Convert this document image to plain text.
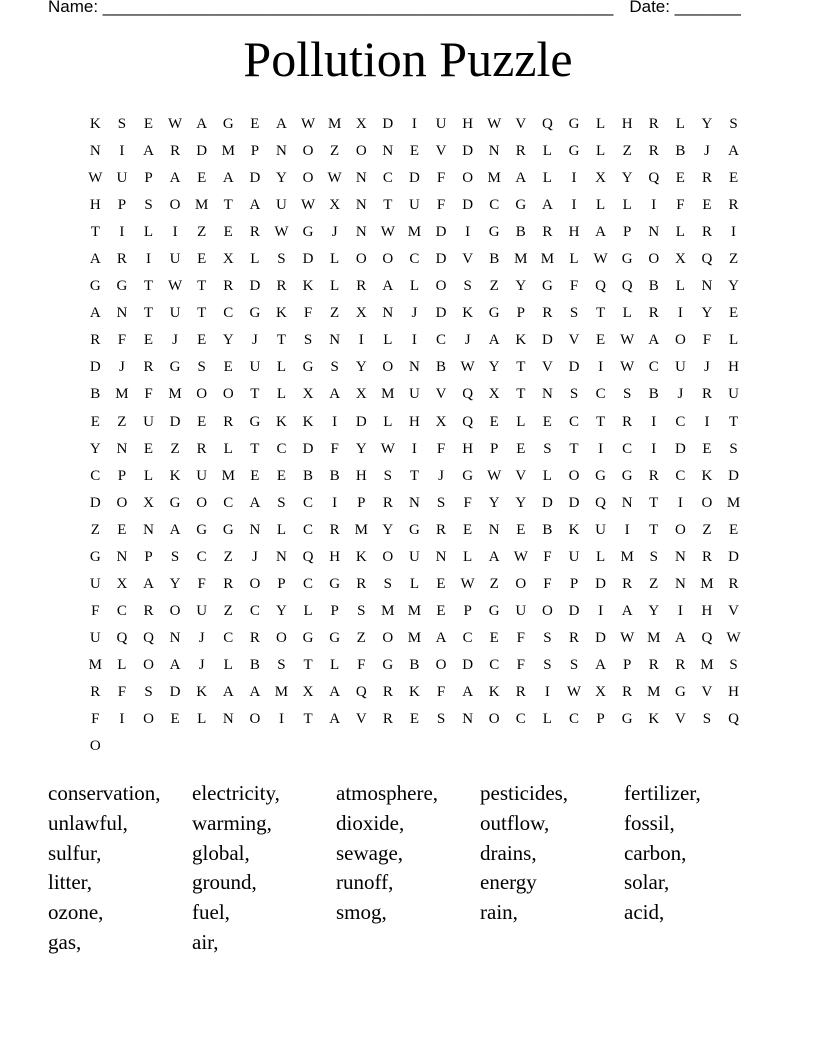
Name: ______________________________________________________ Date: _______
Pollution Puzzle
K	S	E W A	G	E	A W M X	D	I	U	H W V	Q	G	L	H	R	L	Y	S
N	I	A	R	D M	P	N	O	Z	O	N	E	V	D	N	R	L	G	L	Z	R	B	J	A
W U	P	A	E	A	D	Y	O W N	C	D	F	O M A	L	I	X	Y	Q	E	R	E
H	P	S	O M	T	A	U W X	N	T	U	F	D	C	G	A	I	L	L	I	F	E	R
T	I	L	I	Z	E	R W G	J	N W M D	I	G	B	R	H	A	P	N	L	R	I
A	R	I	U	E	X	L	S	D	L	O	O	C	D	V	B M M	L W G	O	X	Q	Z
G	G	T W T	R	D	R	K	L	R	A	L	O	S	Z	Y	G	F	Q	Q	B	L	N	Y
A	N	T	U	T	C	G	K	F	Z	X	N	J	D	K	G	P	R	S	T	L	R	I	Y	E
R	F	E	J	E	Y	J	T	S	N	I	L	I	C	J	A	K	D	V	E W A	O	F	L
D	J	R	G	S	E	U	L	G	S	Y	O	N	B W Y	T	V	D	I	W C	U	J	H
B M	F	M O	O	T	L	X	A	X M U	V	Q	X	T	N	S	C	S	B	J	R	U
E	Z	U	D	E	R	G	K	K	I	D	L	H	X	Q	E	L	E	C	T	R	I	C	I	T
Y	N	E	Z	R	L	T	C	D	F	Y W	I	F	H	P	E	S	T	I	C	I	D	E	S
C	P	L	K	U M	E	E	B	B	H	S	T	J	G W V	L	O	G	G	R	C	K	D
D	O	X	G	O	C	A	S	C	I	P	R	N	S	F	Y	Y	D	D	Q	N	T	I	O M
Z	E	N	A	G	G	N	L	C	R M Y	G	R	E	N	E	B	K	U	I	T	O	Z	E
G	N	P	S	C	Z	J	N	Q	H	K	O	U	N	L	A W	F	U	L	M	S	N	R	D
U	X	A	Y	F	R	O	P	C	G	R	S	L	E W Z	O	F	P	D	R	Z	N M R
F	C	R	O	U	Z	C	Y	L	P	S	M M	E	P	G	U	O	D	I	A	Y	I	H	V
U	Q	Q	N	J	C	R	O	G	G	Z	O M A	C	E	F	S	R	D W M A	Q W
M	L	O	A	J	L	B	S	T	L	F	G	B	O	D	C	F	S	S	A	P	R	R M	S
R	F	S	D	K	A	A M X	A	Q	R	K	F	A	K	R	I	W X	R M G	V	H
F	I	O	E	L	N	O	I	T	A	V	R	E	S	N	O	C	L	C	P	G	K	V	S	Q
O
conservation,	electricity,	atmosphere,	pesticides,	fertilizer,
unlawful,	warming,	dioxide,	outflow,	fossil,
sulfur,	global,	sewage,	drains,	carbon,
litter,	ground,	runoff,	energy	solar,
ozone,	fuel,	smog,	rain,	acid,
gas,	air,
